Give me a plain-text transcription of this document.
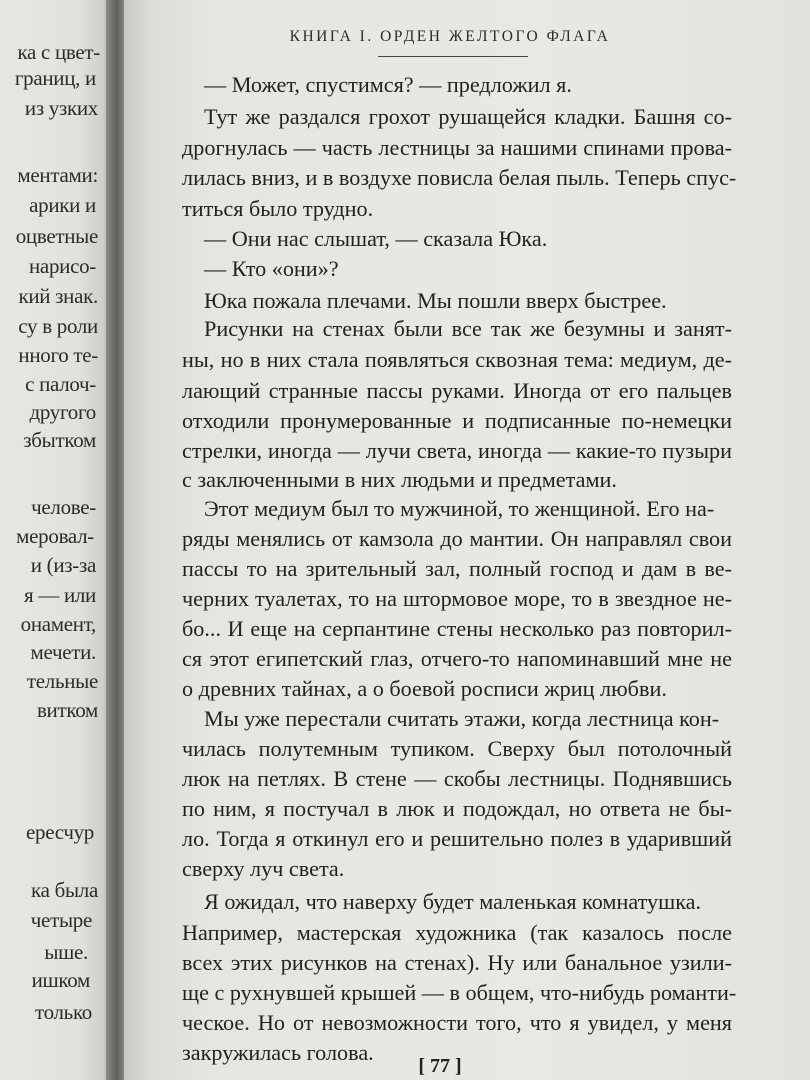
ка с цвет-
границ, и
из узких
ментами:
арики и
оцветные
нарисо-
кий знак.
су в роли
нного те-
с палоч-
другого
збытком
челове-
меровал-
и (из-за
я — или
онамент,
мечети.
тельные
витком
ересчур
ка была
четыре
ыше.
ишком
только
КНИГА I. ОРДЕН ЖЕЛТОГО ФЛАГА
— Может, спустимся? — предложил я.
Тут же раздался грохот рушащейся кладки. Башня со-
дрогнулась — часть лестницы за нашими спинами прова-
лилась вниз, и в воздухе повисла белая пыль. Теперь спус-
титься было трудно.
— Они нас слышат, — сказала Юка.
— Кто «они»?
Юка пожала плечами. Мы пошли вверх быстрее.
Рисунки на стенах были все так же безумны и занят-
ны, но в них стала появляться сквозная тема: медиум, де-
лающий странные пассы руками. Иногда от его пальцев
отходили пронумерованные и подписанные по-немецки
стрелки, иногда — лучи света, иногда — какие-то пузыри
с заключенными в них людьми и предметами.
Этот медиум был то мужчиной, то женщиной. Его на-
ряды менялись от камзола до мантии. Он направлял свои
пассы то на зрительный зал, полный господ и дам в ве-
черних туалетах, то на штормовое море, то в звездное не-
бо... И еще на серпантине стены несколько раз повторил-
ся этот египетский глаз, отчего-то напоминавший мне не
о древних тайнах, а о боевой росписи жриц любви.
Мы уже перестали считать этажи, когда лестница кон-
чилась полутемным тупиком. Сверху был потолочный
люк на петлях. В стене — скобы лестницы. Поднявшись
по ним, я постучал в люк и подождал, но ответа не бы-
ло. Тогда я откинул его и решительно полез в ударивший
сверху луч света.
Я ожидал, что наверху будет маленькая комнатушка.
Например, мастерская художника (так казалось после
всех этих рисунков на стенах). Ну или банальное узили-
ще с рухнувшей крышей — в общем, что-нибудь романти-
ческое. Но от невозможности того, что я увидел, у меня
закружилась голова.
[ 77 ]
